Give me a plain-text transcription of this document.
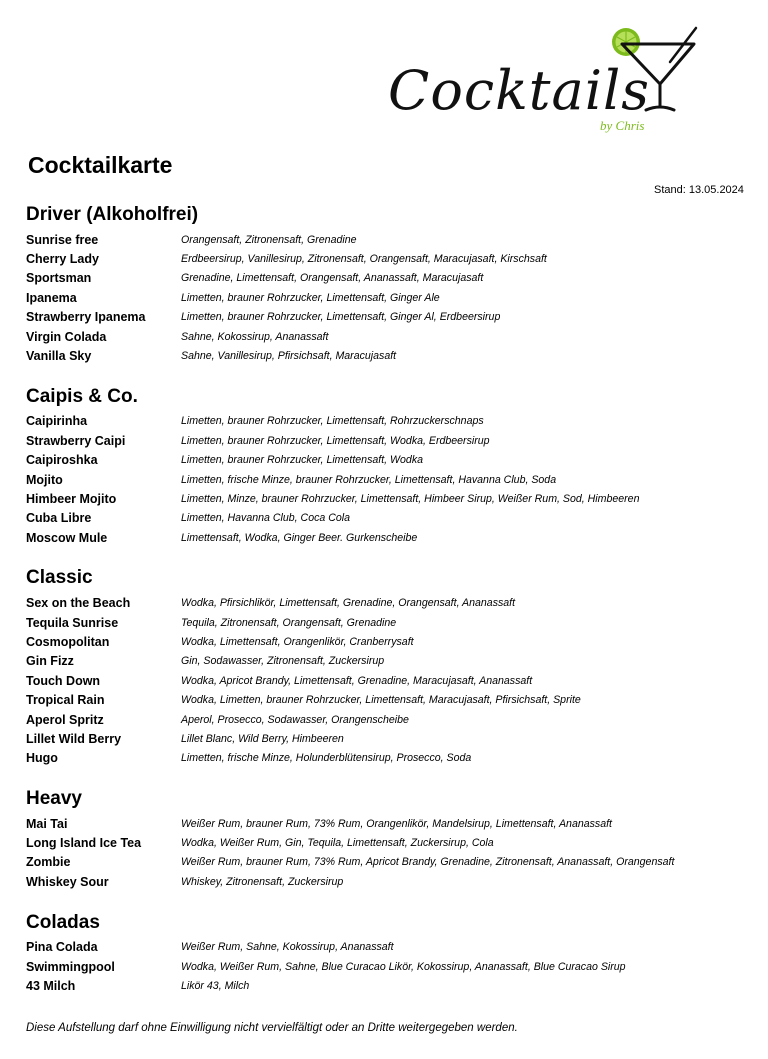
Cocktails
by Chris
Cocktailkarte
Stand: 13.05.2024
Driver (Alkoholfrei)
Sunrise free	Orangensaft, Zitronensaft, Grenadine
Cherry Lady	Erdbeersirup, Vanillesirup, Zitronensaft, Orangensaft, Maracujasaft, Kirschsaft
Sportsman	Grenadine, Limettensaft, Orangensaft, Ananassaft, Maracujasaft
Ipanema	Limetten, brauner Rohrzucker, Limettensaft, Ginger Ale
Strawberry Ipanema	Limetten, brauner Rohrzucker, Limettensaft, Ginger Al, Erdbeersirup
Virgin Colada	Sahne, Kokossirup, Ananassaft
Vanilla Sky	Sahne, Vanillesirup, Pfirsichsaft, Maracujasaft
Caipis & Co.
Caipirinha	Limetten, brauner Rohrzucker, Limettensaft, Rohrzuckerschnaps
Strawberry Caipi	Limetten, brauner Rohrzucker, Limettensaft, Wodka, Erdbeersirup
Caipiroshka	Limetten, brauner Rohrzucker, Limettensaft, Wodka
Mojito	Limetten, frische Minze, brauner Rohrzucker, Limettensaft, Havanna Club, Soda
Himbeer Mojito	Limetten, Minze, brauner Rohrzucker, Limettensaft, Himbeer Sirup, Weißer Rum, Sod, Himbeeren
Cuba Libre	Limetten, Havanna Club, Coca Cola
Moscow Mule	Limettensaft, Wodka, Ginger Beer. Gurkenscheibe
Classic
Sex on the Beach	Wodka, Pfirsichlikör, Limettensaft, Grenadine, Orangensaft, Ananassaft
Tequila Sunrise	Tequila, Zitronensaft, Orangensaft, Grenadine
Cosmopolitan	Wodka, Limettensaft, Orangenlikör, Cranberrysaft
Gin Fizz	Gin, Sodawasser, Zitronensaft, Zuckersirup
Touch Down	Wodka, Apricot Brandy, Limettensaft, Grenadine, Maracujasaft, Ananassaft
Tropical Rain	Wodka, Limetten, brauner Rohrzucker, Limettensaft, Maracujasaft, Pfirsichsaft, Sprite
Aperol Spritz	Aperol, Prosecco, Sodawasser, Orangenscheibe
Lillet Wild Berry	Lillet Blanc, Wild Berry, Himbeeren
Hugo	Limetten, frische Minze, Holunderblütensirup, Prosecco, Soda
Heavy
Mai Tai	Weißer Rum, brauner Rum, 73% Rum, Orangenlikör, Mandelsirup, Limettensaft, Ananassaft
Long Island Ice Tea	Wodka, Weißer Rum, Gin, Tequila, Limettensaft, Zuckersirup, Cola
Zombie	Weißer Rum, brauner Rum, 73% Rum, Apricot Brandy, Grenadine, Zitronensaft, Ananassaft, Orangensaft
Whiskey Sour	Whiskey, Zitronensaft, Zuckersirup
Coladas
Pina Colada	Weißer Rum, Sahne, Kokossirup, Ananassaft
Swimmingpool	Wodka, Weißer Rum, Sahne, Blue Curacao Likör, Kokossirup, Ananassaft, Blue Curacao Sirup
43 Milch	Likör 43, Milch
Diese Aufstellung darf ohne Einwilligung nicht vervielfältigt oder an Dritte weitergegeben werden.
